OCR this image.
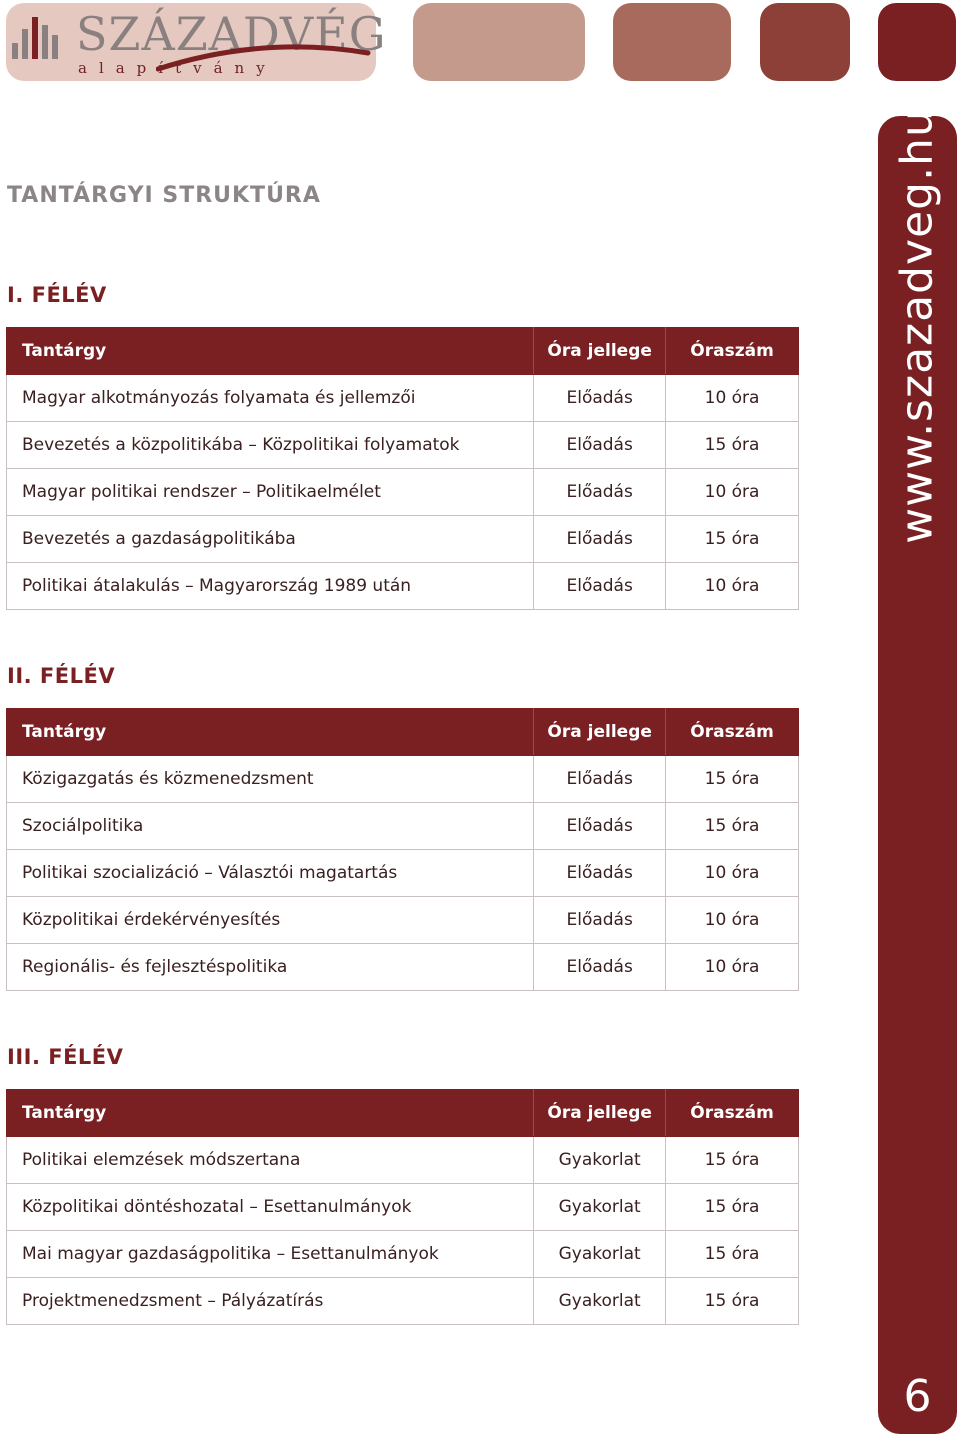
SZÁZADVÉG
alapítvány
www.szazadveg.hu
6
TANTÁRGYI STRUKTÚRA
I. FÉLÉV
Tantárgy	Óra jellege	Óraszám
Magyar alkotmányozás folyamata és jellemzői	Előadás	10 óra
Bevezetés a közpolitikába – Közpolitikai folyamatok	Előadás	15 óra
Magyar politikai rendszer – Politikaelmélet	Előadás	10 óra
Bevezetés a gazdaságpolitikába	Előadás	15 óra
Politikai átalakulás – Magyarország 1989 után	Előadás	10 óra
II. FÉLÉV
Tantárgy	Óra jellege	Óraszám
Közigazgatás és közmenedzsment	Előadás	15 óra
Szociálpolitika	Előadás	15 óra
Politikai szocializáció – Választói magatartás	Előadás	10 óra
Közpolitikai érdekérvényesítés	Előadás	10 óra
Regionális- és fejlesztéspolitika	Előadás	10 óra
III. FÉLÉV
Tantárgy	Óra jellege	Óraszám
Politikai elemzések módszertana	Gyakorlat	15 óra
Közpolitikai döntéshozatal – Esettanulmányok	Gyakorlat	15 óra
Mai magyar gazdaságpolitika – Esettanulmányok	Gyakorlat	15 óra
Projektmenedzsment – Pályázatírás	Gyakorlat	15 óra
